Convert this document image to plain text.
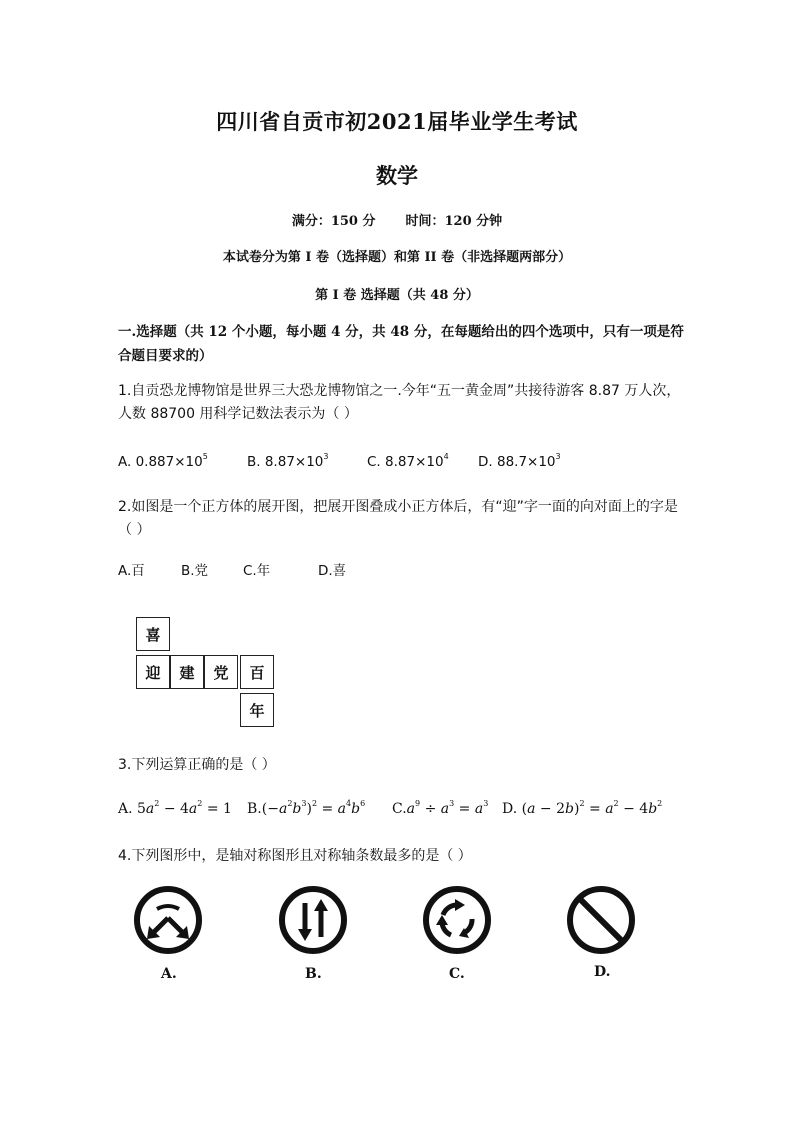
四川省自贡市初2021届毕业学生考试
数学
满分：150 分 时间：120 分钟
本试卷分为第 I 卷（选择题）和第 II 卷（非选择题两部分）
第 I 卷 选择题（共 48 分）
一.选择题（共 12 个小题，每小题 4 分，共 48 分，在每题给出的四个选项中，只有一项是符合题目要求的）
1.自贡恐龙博物馆是世界三大恐龙博物馆之一.今年“五一黄金周”共接待游客 8.87 万人次，
人数 88700 用科学记数法表示为（ ）
A. $0.887\times 10^5$	B. $8.87\times 10^3$	C. $8.87\times 10^4$ D. $88.7\times 10^3$
2.如图是一个正方体的展开图，把展开图叠成小正方体后，有“迎”字一面的向对面上的字是
（ ）
A.百	B.党	C.年	D.喜
喜
迎	建	党	百
年
3.下列运算正确的是（ ）
A. $5a^2 - 4a^2 = 1$ $B.(-a^2b^3)^2 = a^4b^6$ $C.a^9 \div a^3 = a^3$ D. $(a - 2b)^2 = a^2 - 4b^2$
4.下列图形中，是轴对称图形且对称轴条数最多的是（ ）
A.	B.	C.	D.
